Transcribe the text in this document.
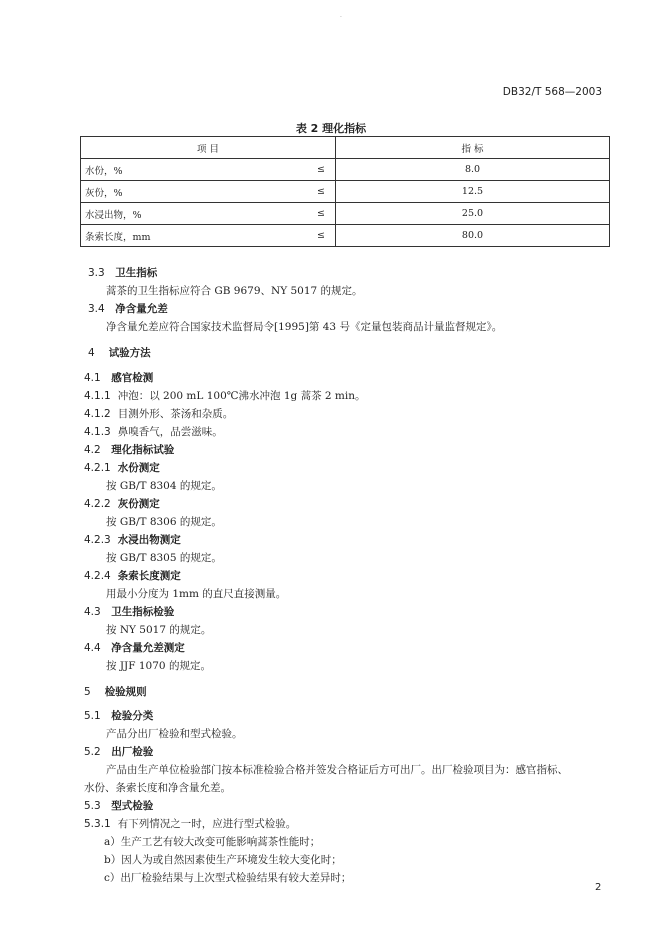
·
DB32/T 568—2003
表 2 理化指标
项 目		指 标
水份，%	≤	8.0
灰份，%	≤	12.5
水浸出物，%	≤	25.0
条索长度，mm	≤	80.0
3.3 卫生指标
蒿茶的卫生指标应符合 GB 9679、NY 5017 的规定。
3.4 净含量允差
净含量允差应符合国家技术监督局令[1995]第 43 号《定量包装商品计量监督规定》。
4 试验方法
4.1 感官检测
4.1.1 冲泡：以 200 mL 100℃沸水冲泡 1g 蒿茶 2 min。
4.1.2 目测外形、茶汤和杂质。
4.1.3 鼻嗅香气，品尝滋味。
4.2 理化指标试验
4.2.1 水份测定
按 GB/T 8304 的规定。
4.2.2 灰份测定
按 GB/T 8306 的规定。
4.2.3 水浸出物测定
按 GB/T 8305 的规定。
4.2.4 条索长度测定
用最小分度为 1mm 的直尺直接测量。
4.3 卫生指标检验
按 NY 5017 的规定。
4.4 净含量允差测定
按 JJF 1070 的规定。
5 检验规则
5.1 检验分类
产品分出厂检验和型式检验。
5.2 出厂检验
产品由生产单位检验部门按本标准检验合格并签发合格证后方可出厂。出厂检验项目为：感官指标、
水份、条索长度和净含量允差。
5.3 型式检验
5.3.1 有下列情况之一时，应进行型式检验。
a）生产工艺有较大改变可能影响蒿茶性能时；
b）因人为或自然因素使生产环境发生较大变化时；
c）出厂检验结果与上次型式检验结果有较大差异时；
2
